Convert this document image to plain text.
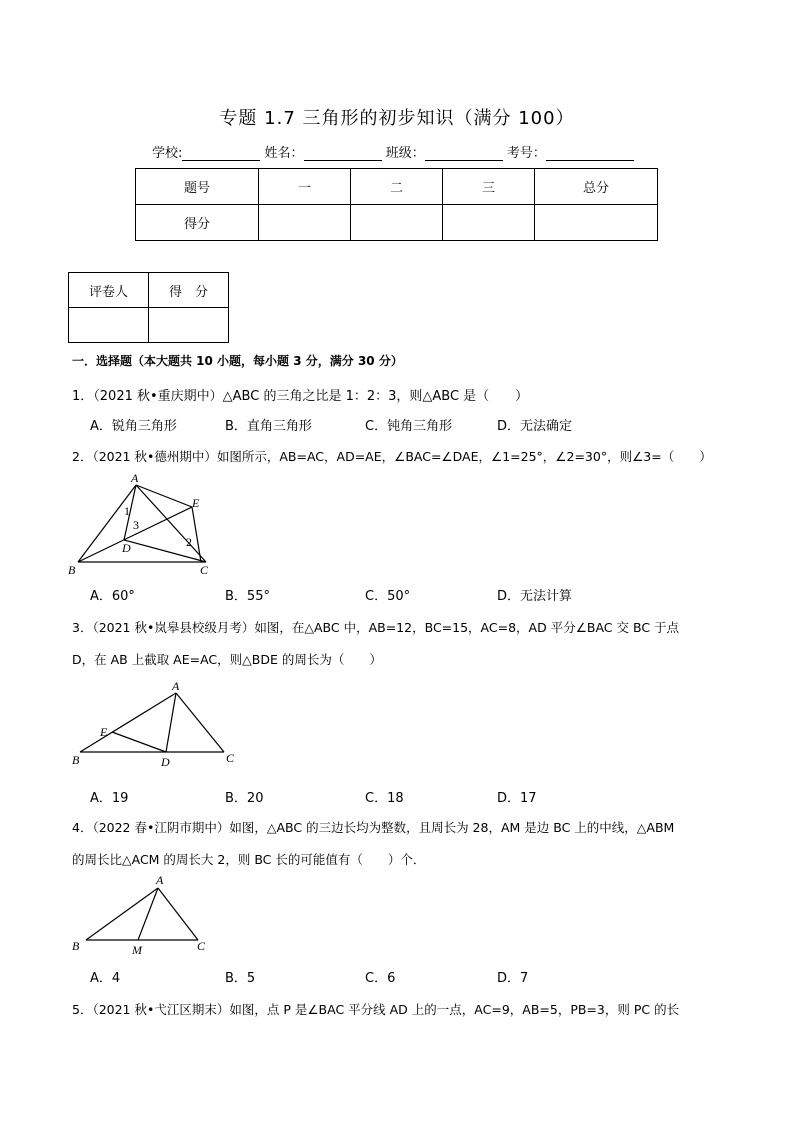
专题 1.7 三角形的初步知识（满分 100）
学校:	姓名：	班级：	考号：
题号	一	二	三	总分
得分				
评卷人	得　分

一．选择题（本大题共 10 小题，每小题 3 分，满分 30 分）
1．（2021 秋•重庆期中）△ABC 的三角之比是 1：2：3，则△ABC 是（　　）
A．锐角三角形	B．直角三角形	C．钝角三角形	D．无法确定
2．（2021 秋•德州期中）如图所示，AB=AC，AD=AE，∠BAC=∠DAE，∠1=25°，∠2=30°，则∠3=（　　）
A
B	C
D
E
1
2
3
A．60°	B．55°	C．50°	D．无法计算
3．（2021 秋•岚皋县校级月考）如图，在△ABC 中，AB=12，BC=15，AC=8，AD 平分∠BAC 交 BC 于点
D，在 AB 上截取 AE=AC，则△BDE 的周长为（　　）
A
B	C
D
E
A．19	B．20	C．18	D．17
4．（2022 春•江阴市期中）如图，△ABC 的三边长均为整数，且周长为 28，AM 是边 BC 上的中线，△ABM
的周长比△ACM 的周长大 2，则 BC 长的可能值有（　　）个．
A
B	C
M
A．4	B．5	C．6	D．7
5．（2021 秋•弋江区期末）如图，点 P 是∠BAC 平分线 AD 上的一点，AC=9，AB=5，PB=3，则 PC 的长
